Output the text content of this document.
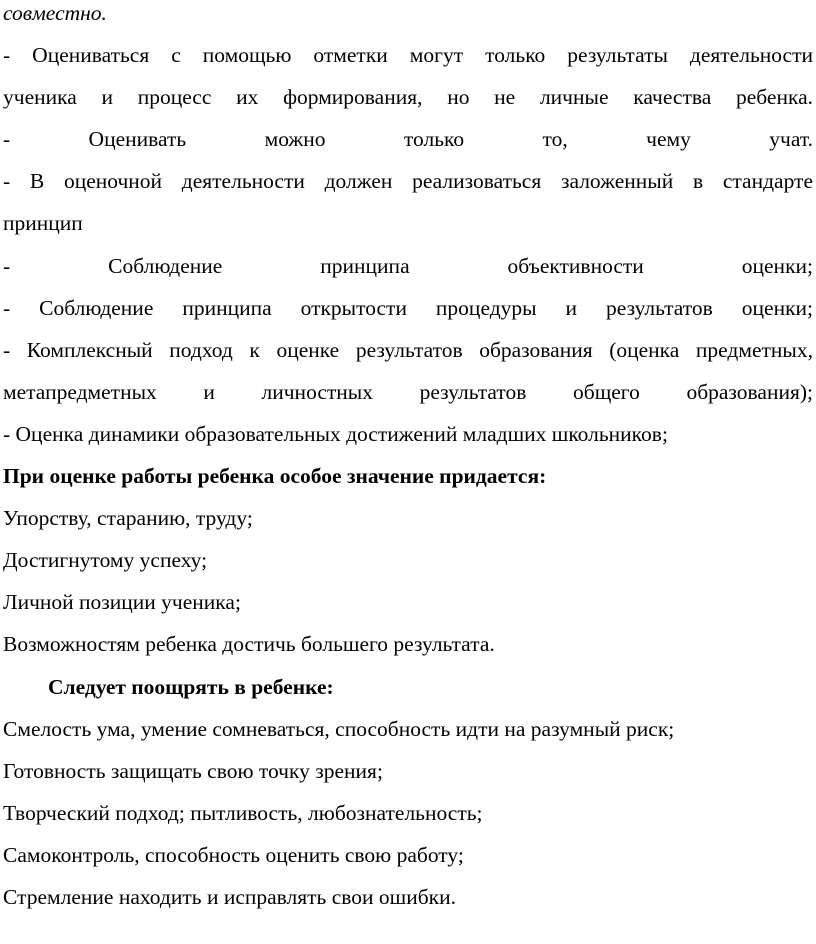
совместно.
- Оцениваться с помощью отметки могут только результаты деятельности
ученика и процесс их формирования, но не личные качества ребенка.
- Оценивать можно только то, чему учат.
- В оценочной деятельности должен реализоваться заложенный в стандарте
принцип
- Соблюдение принципа объективности оценки;
- Соблюдение принципа открытости процедуры и результатов оценки;
- Комплексный подход к оценке результатов образования (оценка предметных,
метапредметных и личностных результатов общего образования);
- Оценка динамики образовательных достижений младших школьников;
При оценке работы ребенка особое значение придается:
Упорству, старанию, труду;
Достигнутому успеху;
Личной позиции ученика;
Возможностям ребенка достичь большего результата.
Следует поощрять в ребенке:
Смелость ума, умение сомневаться, способность идти на разумный риск;
Готовность защищать свою точку зрения;
Творческий подход; пытливость, любознательность;
Самоконтроль, способность оценить свою работу;
Стремление находить и исправлять свои ошибки.
